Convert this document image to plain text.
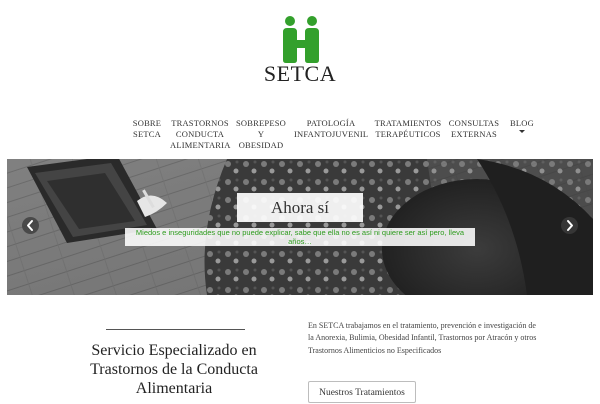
SETCA
SOBRE
SETCA
TRASTORNOS
CONDUCTA
ALIMENTARIA
SOBREPESO
Y
OBESIDAD
PATOLOGÍA
INFANTOJUVENIL
TRATAMIENTOS
TERAPÉUTICOS
CONSULTAS
EXTERNAS
BLOG
Ahora sí
Miedos e inseguridades que no puede explicar, sabe que ella no es así ni quiere ser así pero, lleva años…
Servicio Especializado en Trastornos de la Conducta Alimentaria
En SETCA trabajamos en el tratamiento, prevención e investigación de la Anorexia, Bulimia, Obesidad Infantil, Trastornos por Atracón y otros Trastornos Alimenticios no Especificados
Nuestros Tratamientos
